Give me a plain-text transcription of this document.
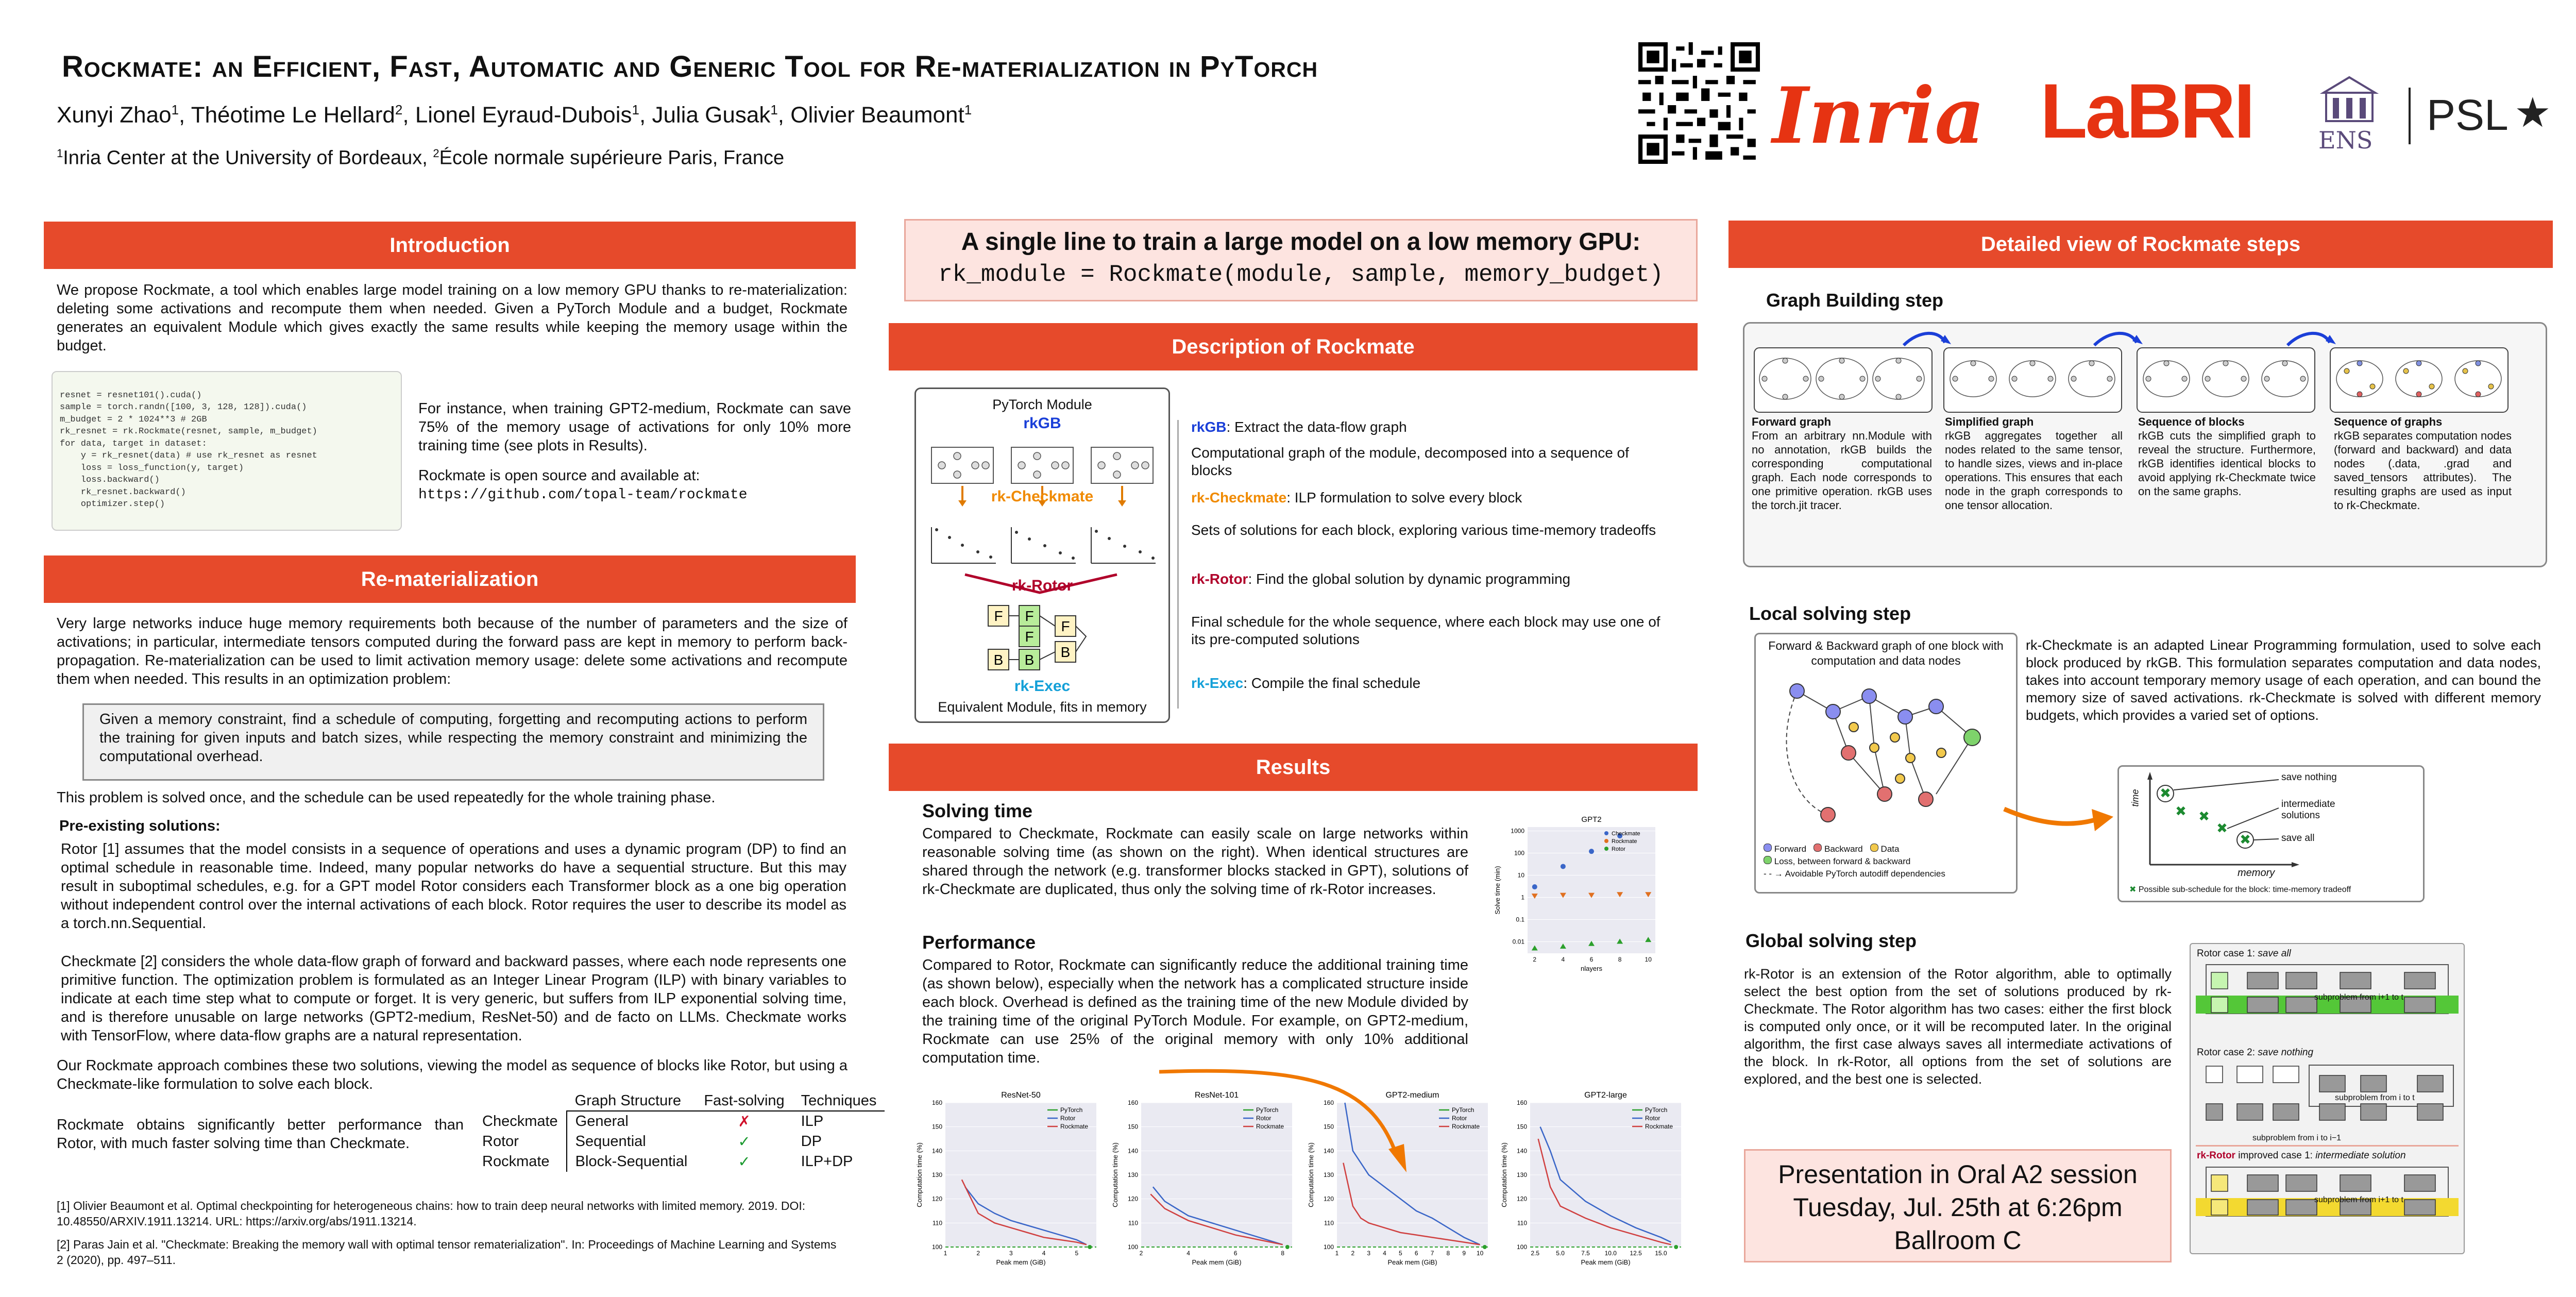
Rockmate: an Efficient, Fast, Automatic and Generic Tool for Re-materialization in PyTorch
Xunyi Zhao$^1$, Théotime Le Hellard$^2$, Lionel Eyraud-Dubois$^1$, Julia Gusak$^1$, Olivier Beaumont$^1$
$^1$Inria Center at the University of Bordeaux, $^2$École normale supérieure Paris, France	Inria LaBRI	ENS
PSL ★
Introduction
We propose Rockmate, a tool which enables large model training on a low memory GPU thanks to re-materialization: deleting some activations and recompute them when needed. Given a PyTorch Module and a budget, Rockmate generates an equivalent Module which gives exactly the same results while keeping the memory usage within the budget.

resnet = resnet101().cuda()
sample = torch.randn([100, 3, 128, 128]).cuda()
m_budget = 2 * 1024**3 # 2GB
rk_resnet = rk.Rockmate(resnet, sample, m_budget)
for data, target in dataset:
y = rk_resnet(data) # use rk_resnet as resnet
loss = loss_function(y, target)
loss.backward()
rk_resnet.backward()
optimizer.step()

For instance, when training GPT2-medium, Rockmate can save 75% of the memory usage of activations for only 10% more training time (see plots in Results).
Rockmate is open source and available at:
https://github.com/topal-team/rockmate
Re-materialization
Very large networks induce huge memory requirements both because of the number of parameters and the size of activations; in particular, intermediate tensors computed during the forward pass are kept in memory to perform back-propagation. Re-materialization can be used to limit activation memory usage: delete some activations and recompute them when needed. This results in an optimization problem:
Given a memory constraint, find a schedule of computing, forgetting and recomputing actions to perform the training for given inputs and batch sizes, while respecting the memory constraint and minimizing the computational overhead.
This problem is solved once, and the schedule can be used repeatedly for the whole training phase.
Pre-existing solutions:
Rotor [1] assumes that the model consists in a sequence of operations and uses a dynamic program (DP) to find an optimal schedule in reasonable time. Indeed, many popular networks do have a sequential structure. But this may result in suboptimal schedules, e.g. for a GPT model Rotor considers each Transformer block as a one big operation without independent control over the internal activations of each block. Rotor requires the user to describe its model as a torch.nn.Sequential.
Checkmate [2] considers the whole data-flow graph of forward and backward passes, where each node represents one primitive function. The optimization problem is formulated as an Integer Linear Program (ILP) with binary variables to indicate at each time step what to compute or forget. It is very generic, but suffers from ILP exponential solving time, and is therefore unusable on large networks (GPT2-medium, ResNet-50) and de facto on LLMs. Checkmate works with TensorFlow, where data-flow graphs are a natural representation.
Our Rockmate approach combines these two solutions, viewing the model as sequence of blocks like Rotor, but using a Checkmate-like formulation to solve each block.
Rockmate obtains significantly better performance than Rotor, with much faster solving time than Checkmate.
	Graph Structure	Fast-solving	Techniques
Checkmate	General	✗	ILP
Rotor	Sequential	✓	DP
Rockmate	Block-Sequential	✓	ILP+DP
[1] Olivier Beaumont et al. Optimal checkpointing for heterogeneous chains: how to train deep neural networks with limited memory. 2019. DOI: 10.48550/ARXIV.1911.13214. URL: https://arxiv.org/abs/1911.13214.
[2] Paras Jain et al. "Checkmate: Breaking the memory wall with optimal tensor rematerialization". In: Proceedings of Machine Learning and Systems 2 (2020), pp. 497–511.
A single line to train a large model on a low memory GPU:
rk_module = Rockmate(module, sample, memory_budget)
Description of Rockmate
PyTorch Module
rkGB
rk-Checkmate
rk-Rotor
F
B
F
F
B
F
B
rk-Exec
Equivalent Module, fits in memory
rkGB: Extract the data-flow graph
Computational graph of the module, decomposed into a sequence of blocks
rk-Checkmate: ILP formulation to solve every block
Sets of solutions for each block, exploring various time-memory tradeoffs
rk-Rotor: Find the global solution by dynamic programming
Final schedule for the whole sequence, where each block may use one of its pre-computed solutions
rk-Exec: Compile the final schedule
Results
Solving time
Compared to Checkmate, Rockmate can easily scale on large networks within reasonable solving time (as shown on the right). When identical structures are shared through the network (e.g. transformer blocks stacked in GPT), solutions of rk-Checkmate are duplicated, thus only the solving time of rk-Rotor increases.
Performance
Compared to Rotor, Rockmate can significantly reduce the additional training time (as shown below), especially when the network has a complicated structure inside each block. Overhead is defined as the training time of the new Module divided by the training time of the original PyTorch Module. For example, on GPT2-medium, Rockmate can use 25% of the original memory with only 10% additional computation time.
GPT2
1000
100
10
1
0.1
0.01
2	4	6	8	10
nlayers
Solve time (min)
Checkmate
Rockmate
Rotor
ResNet-50
160
150
140
130
120
110
100
1	2	3	4	5
Peak mem (GiB)
Computation time (%)
PyTorch
Rotor
Rockmate
ResNet-101
160
150
140
130
120
110
100
2	4	6	8
Peak mem (GiB)
Computation time (%)
PyTorch
Rotor
Rockmate
GPT2-medium
160
150
140
130
120
110
100
1 2 3 4 5 6 7 8 9 10
Peak mem (GiB)
Computation time (%)
PyTorch
Rotor
Rockmate
GPT2-large
160
150
140
130
120
110
100
2.5	5.0	7.5 10.0 12.5 15.0
Peak mem (GiB)
Computation time (%)
PyTorch
Rotor
Rockmate
Detailed view of Rockmate steps
Graph Building step
Forward graph
From an arbitrary nn.Module with no annotation, rkGB builds the corresponding computational graph. Each node corresponds to one primitive operation. rkGB uses the torch.jit tracer.
Simplified graph
rkGB aggregates together all nodes related to the same tensor, to handle sizes, views and in-place operations. This ensures that each node in the graph corresponds to one tensor allocation.
Sequence of blocks
rkGB cuts the simplified graph to reveal the structure. Furthermore, rkGB identifies identical blocks to avoid applying rk-Checkmate twice on the same graphs.
Sequence of graphs
rkGB separates computation nodes (forward and backward) and data nodes (.data, .grad and saved_tensors attributes). The resulting graphs are used as input to rk-Checkmate.
Local solving step
Forward & Backward graph of one block with computation and data nodes
Forward Backward Data
Loss, between forward & backward
- - → Avoidable PyTorch autodiff dependencies
rk-Checkmate is an adapted Linear Programming formulation, used to solve each block produced by rkGB. This formulation separates computation and data nodes, takes into account temporary memory usage of each operation, and can bound the memory size of saved activations. rk-Checkmate is solved with different memory budgets, which provides a varied set of options.
✖
✖ ✖
✖
✖
save nothing
intermediate solutions
save all
time
memory
✖ Possible sub-schedule for the block: time-memory tradeoff
Global solving step
rk-Rotor is an extension of the Rotor algorithm, able to optimally select the best option from the set of solutions produced by rk-Checkmate. The Rotor algorithm has two cases: either the first block is computed only once, or it will be recomputed later. In the original algorithm, the first case always saves all intermediate activations of the block. In rk-Rotor, all options from the set of solutions are explored, and the best one is selected.
Rotor case 1: save all
subproblem from i+1 to t
Rotor case 2: save nothing
subproblem from i to t
subproblem from i to i−1
rk-Rotor improved case 1: intermediate solution
subproblem from i+1 to t
Presentation in Oral A2 session
Tuesday, Jul. 25th at 6:26pm
Ballroom C
